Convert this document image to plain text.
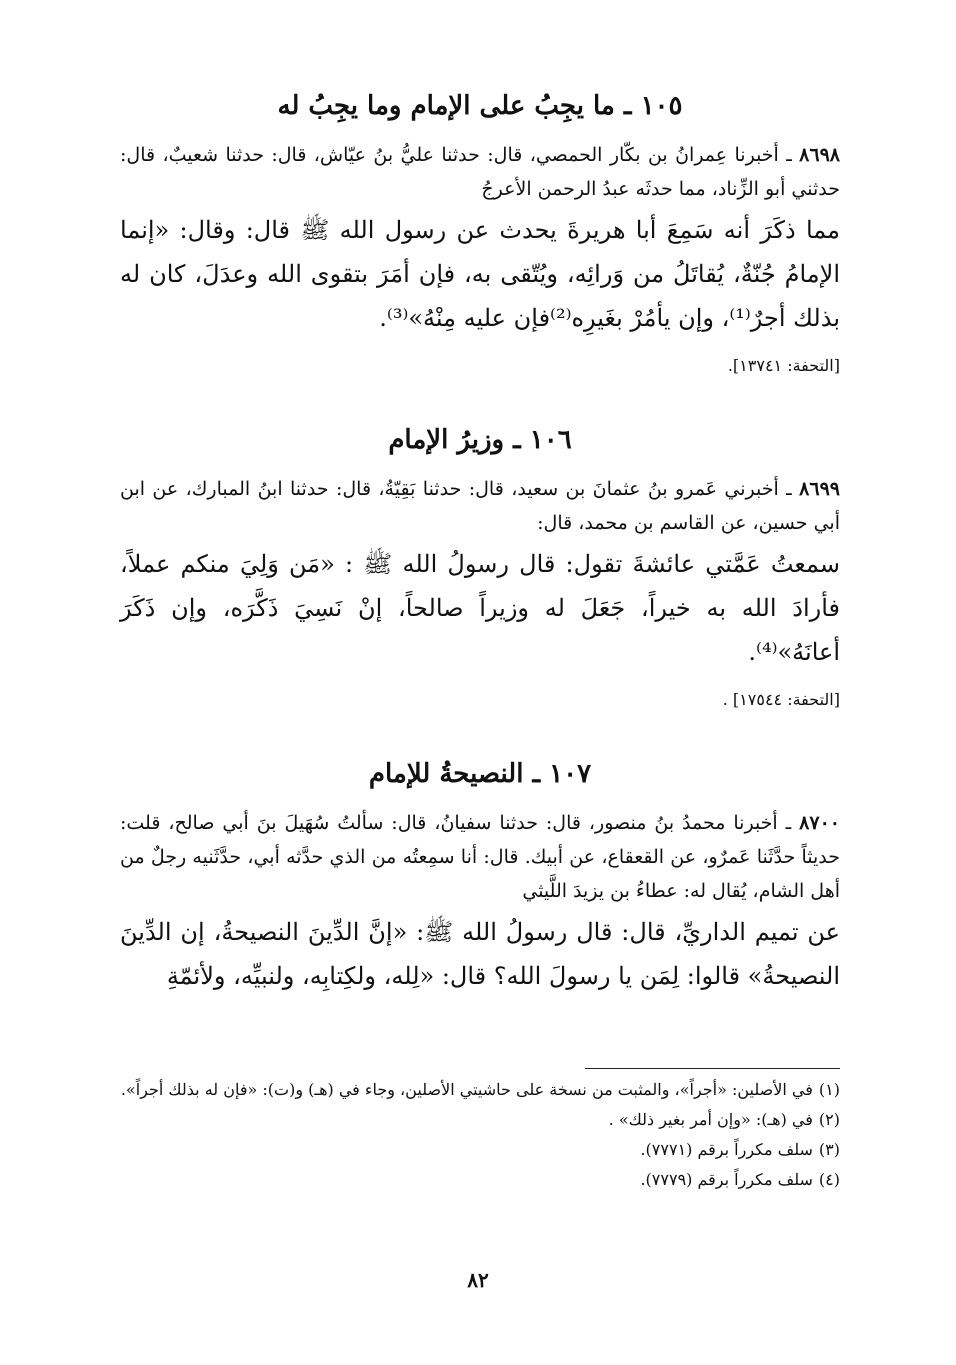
١٠٥ ـ ما يجِبُ على الإمام وما يجِبُ له

٨٦٩٨ ـ أخبرنا عِمرانُ بن بكّار الحمصي، قال: حدثنا عليُّ بنُ عيّاش، قال: حدثنا شعيبٌ، قال: حدثني أبو الزِّناد، مما حدثَه عبدُ الرحمن الأعرجُ

مما ذكَرَ أنه سَمِعَ أبا هريرةَ يحدث عن رسول الله ﷺ قال: وقال: «إنما الإمامُ جُنّةٌ، يُقاتَلُ من وَرائِه، ويُتّقى به، فإن أمَرَ بتقوى الله وعدَلَ، كان له بذلك أجرٌ⁽¹⁾، وإن يأمُرْ بغَيرِه⁽²⁾فإن عليه مِنْهُ»⁽³⁾.

[التحفة: ١٣٧٤١].
١٠٦ ـ وزيرُ الإمام

٨٦٩٩ ـ أخبرني عَمرو بنُ عثمانَ بن سعيد، قال: حدثنا بَقِيّةُ، قال: حدثنا ابنُ المبارك، عن ابن أبي حسين، عن القاسم بن محمد، قال:

سمعتُ عَمَّتي عائشةَ تقول: قال رسولُ الله ﷺ : «مَن وَلِيَ منكم عملاً، فأرادَ الله به خيراً، جَعَلَ له وزيراً صالحاً، إنْ نَسِيَ ذَكَّرَه، وإن ذَكَرَ أعانَهُ»⁽⁴⁾.

[التحفة: ١٧٥٤٤] .
١٠٧ ـ النصيحةُ للإمام

٨٧٠٠ ـ أخبرنا محمدُ بنُ منصور، قال: حدثنا سفيانُ، قال: سألتُ سُهَيلَ بنَ أبي صالح، قلت: حديثاً حدَّثَنا عَمرٌو، عن القعقاع، عن أبيك. قال: أنا سمِعتُه من الذي حدَّثه أبي، حدَّثَنيه رجلٌ من أهل الشام، يُقال له: عطاءُ بن يزيدَ اللَّيثي

عن تميم الداريِّ، قال: قال رسولُ الله ﷺ: «إنَّ الدِّينَ النصيحةُ، إن الدِّينَ النصيحةُ» قالوا: لِمَن يا رسولَ الله؟ قال: «لِله، ولكِتابِه، ولنبيِّه، ولأئمّةِ

(١)في الأصلين: «أجراً»، والمثبت من نسخة على حاشيتي الأصلين، وجاء في (هـ) و(ت): «فإن له بذلك أجراً».

(٢)في (هـ): «وإن أمر بغير ذلك» .

(٣)سلف مكرراً برقم (٧٧٧١).

(٤)سلف مكرراً برقم (٧٧٧٩).

٨٢
